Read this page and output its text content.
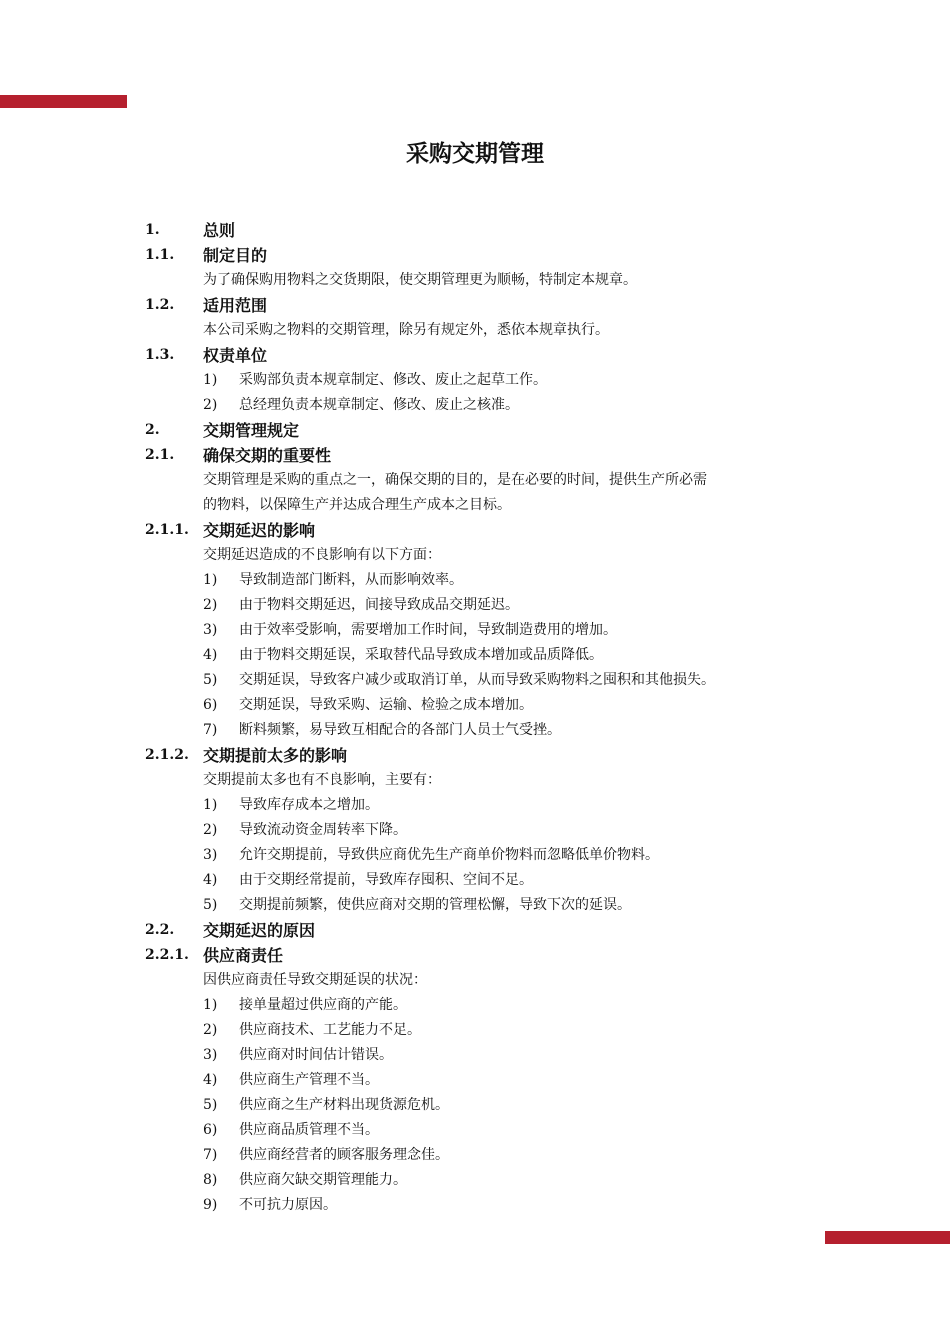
采购交期管理
1.	总则
1.1. 制定目的
为了确保购用物料之交货期限，使交期管理更为顺畅，特制定本规章。
1.2. 适用范围
本公司采购之物料的交期管理，除另有规定外，悉依本规章执行。
1.3. 权责单位
1) 采购部负责本规章制定、修改、废止之起草工作。
2) 总经理负责本规章制定、修改、废止之核准。
2.	交期管理规定
2.1. 确保交期的重要性
交期管理是采购的重点之一，确保交期的目的，是在必要的时间，提供生产所必需
的物料，以保障生产并达成合理生产成本之目标。
2.1.1. 交期延迟的影响
交期延迟造成的不良影响有以下方面：
1) 导致制造部门断料，从而影响效率。
2) 由于物料交期延迟，间接导致成品交期延迟。
3) 由于效率受影响，需要增加工作时间，导致制造费用的增加。
4) 由于物料交期延误，采取替代品导致成本增加或品质降低。
5) 交期延误，导致客户减少或取消订单，从而导致采购物料之囤积和其他损失。
6) 交期延误，导致采购、运输、检验之成本增加。
7) 断料频繁，易导致互相配合的各部门人员士气受挫。
2.1.2. 交期提前太多的影响
交期提前太多也有不良影响，主要有：
1) 导致库存成本之增加。
2) 导致流动资金周转率下降。
3) 允许交期提前，导致供应商优先生产商单价物料而忽略低单价物料。
4) 由于交期经常提前，导致库存囤积、空间不足。
5) 交期提前频繁，使供应商对交期的管理松懈，导致下次的延误。
2.2. 交期延迟的原因
2.2.1. 供应商责任
因供应商责任导致交期延误的状况：
1) 接单量超过供应商的产能。
2) 供应商技术、工艺能力不足。
3) 供应商对时间估计错误。
4) 供应商生产管理不当。
5) 供应商之生产材料出现货源危机。
6) 供应商品质管理不当。
7) 供应商经营者的顾客服务理念佳。
8) 供应商欠缺交期管理能力。
9) 不可抗力原因。
